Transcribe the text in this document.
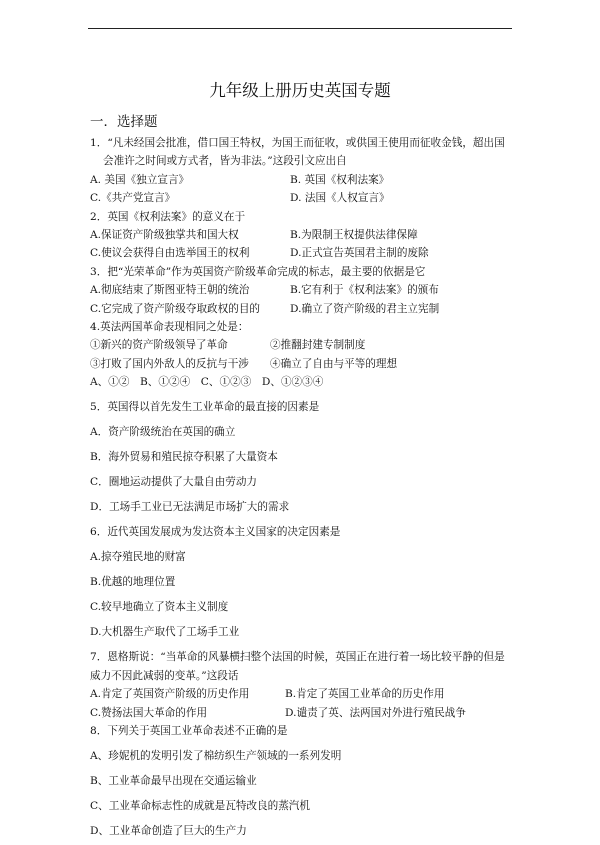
九年级上册历史英国专题
一．选择题
1．“凡未经国会批准，借口国王特权，为国王而征收，或供国王使用而征收金钱，超出国
会准许之时间或方式者，皆为非法。”这段引文应出自
A. 美国《独立宣言》	B. 英国《权利法案》
C.《共产党宣言》	D. 法国《人权宣言》
2．英国《权利法案》的意义在于
A.保证资产阶级独掌共和国大权	B.为限制王权提供法律保障
C.使议会获得自由选举国王的权利	D.正式宣告英国君主制的废除
3．把“光荣革命”作为英国资产阶级革命完成的标志，最主要的依据是它
A.彻底结束了斯图亚特王朝的统治	B.它有利于《权利法案》的颁布
C.它完成了资产阶级夺取政权的目的	D.确立了资产阶级的君主立宪制
4.英法两国革命表现相同之处是：
①新兴的资产阶级领导了革命	②推翻封建专制制度
③打败了国内外敌人的反抗与干涉	④确立了自由与平等的理想
A、①②　B、①②④　C、①②③　D、①②③④
5．英国得以首先发生工业革命的最直接的因素是
A．资产阶级统治在英国的确立
B．海外贸易和殖民掠夺积累了大量资本
C．圈地运动提供了大量自由劳动力
D．工场手工业已无法满足市场扩大的需求
6．近代英国发展成为发达资本主义国家的决定因素是
A.掠夺殖民地的财富
B.优越的地理位置
C.较早地确立了资本主义制度
D.大机器生产取代了工场手工业
7．恩格斯说：“当革命的风暴横扫整个法国的时候，英国正在进行着一场比较平静的但是
威力不因此减弱的变革。”这段话
A.肯定了英国资产阶级的历史作用	B.肯定了英国工业革命的历史作用
C.赞扬法国大革命的作用	D.谴责了英、法两国对外进行殖民战争
8．下列关于英国工业革命表述不正确的是
A、珍妮机的发明引发了棉纺织生产领域的一系列发明
B、工业革命最早出现在交通运输业
C、工业革命标志性的成就是瓦特改良的蒸汽机
D、工业革命创造了巨大的生产力
